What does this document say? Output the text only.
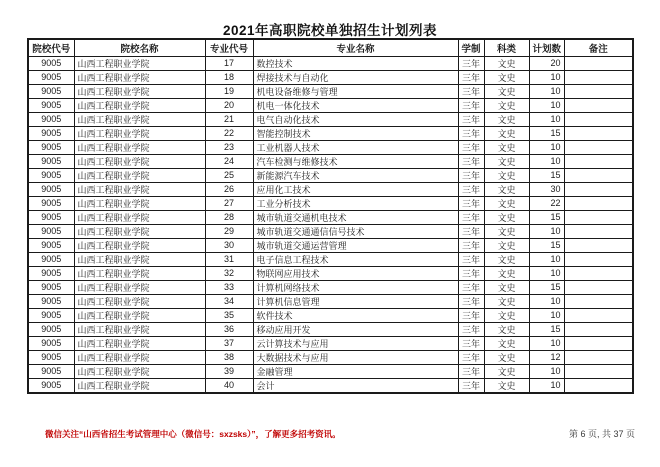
2021年高职院校单独招生计划列表
院校代号	院校名称	专业代号	专业名称	学制	科类	计划数	备注
9005	山西工程职业学院	17	数控技术	三年	文史	20	
9005	山西工程职业学院	18	焊接技术与自动化	三年	文史	10	
9005	山西工程职业学院	19	机电设备维修与管理	三年	文史	10	
9005	山西工程职业学院	20	机电一体化技术	三年	文史	10	
9005	山西工程职业学院	21	电气自动化技术	三年	文史	10	
9005	山西工程职业学院	22	智能控制技术	三年	文史	15	
9005	山西工程职业学院	23	工业机器人技术	三年	文史	10	
9005	山西工程职业学院	24	汽车检测与维修技术	三年	文史	10	
9005	山西工程职业学院	25	新能源汽车技术	三年	文史	15	
9005	山西工程职业学院	26	应用化工技术	三年	文史	30	
9005	山西工程职业学院	27	工业分析技术	三年	文史	22	
9005	山西工程职业学院	28	城市轨道交通机电技术	三年	文史	15	
9005	山西工程职业学院	29	城市轨道交通通信信号技术	三年	文史	10	
9005	山西工程职业学院	30	城市轨道交通运营管理	三年	文史	15	
9005	山西工程职业学院	31	电子信息工程技术	三年	文史	10	
9005	山西工程职业学院	32	物联网应用技术	三年	文史	10	
9005	山西工程职业学院	33	计算机网络技术	三年	文史	15	
9005	山西工程职业学院	34	计算机信息管理	三年	文史	10	
9005	山西工程职业学院	35	软件技术	三年	文史	10	
9005	山西工程职业学院	36	移动应用开发	三年	文史	15	
9005	山西工程职业学院	37	云计算技术与应用	三年	文史	10	
9005	山西工程职业学院	38	大数据技术与应用	三年	文史	12	
9005	山西工程职业学院	39	金融管理	三年	文史	10	
9005	山西工程职业学院	40	会计	三年	文史	10	
微信关注“山西省招生考试管理中心（微信号：sxzsks）”，了解更多招考资讯。	第 6 页, 共 37 页
